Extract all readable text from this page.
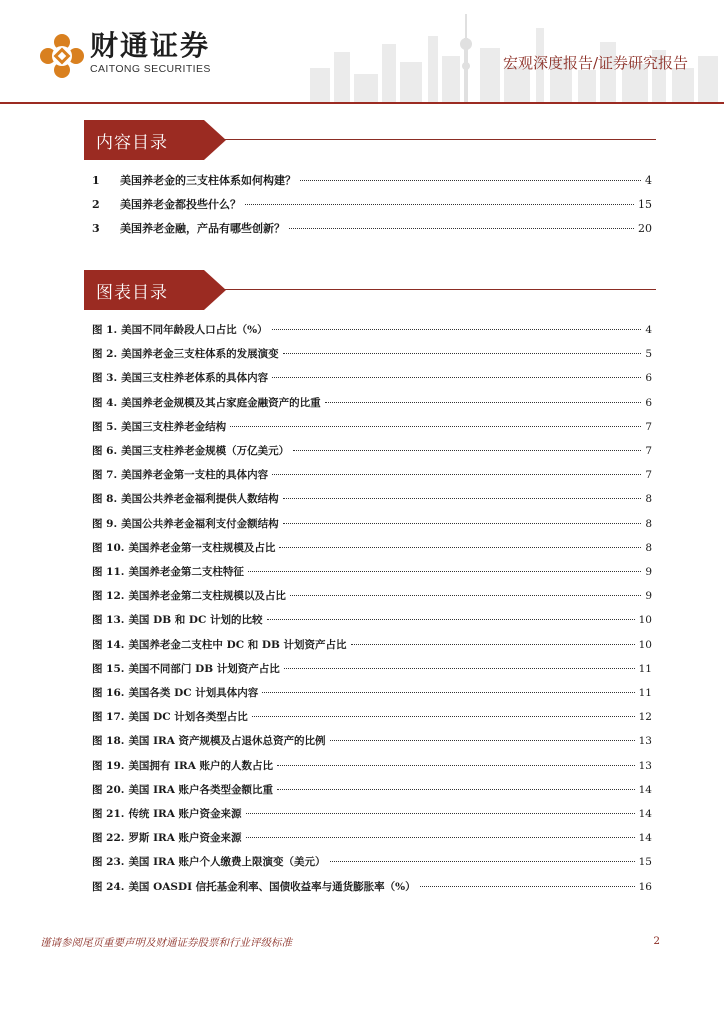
财通证券
CAITONG SECURITIES	宏观深度报告/证券研究报告
内容目录
1	美国养老金的三支柱体系如何构建？	4
2	美国养老金都投些什么？	15
3	美国养老金融，产品有哪些创新？	20
图表目录
图 1. 美国不同年龄段人口占比（%）	4
图 2. 美国养老金三支柱体系的发展演变	5
图 3. 美国三支柱养老体系的具体内容	6
图 4. 美国养老金规模及其占家庭金融资产的比重	6
图 5. 美国三支柱养老金结构	7
图 6. 美国三支柱养老金规模（万亿美元）	7
图 7. 美国养老金第一支柱的具体内容	7
图 8. 美国公共养老金福利提供人数结构	8
图 9. 美国公共养老金福利支付金额结构	8
图 10. 美国养老金第一支柱规模及占比	8
图 11. 美国养老金第二支柱特征	9
图 12. 美国养老金第二支柱规模以及占比	9
图 13. 美国 DB 和 DC 计划的比较	10
图 14. 美国养老金二支柱中 DC 和 DB 计划资产占比	10
图 15. 美国不同部门 DB 计划资产占比	11
图 16. 美国各类 DC 计划具体内容	11
图 17. 美国 DC 计划各类型占比	12
图 18. 美国 IRA 资产规模及占退休总资产的比例	13
图 19. 美国拥有 IRA 账户的人数占比	13
图 20. 美国 IRA 账户各类型金额比重	14
图 21. 传统 IRA 账户资金来源	14
图 22. 罗斯 IRA 账户资金来源	14
图 23. 美国 IRA 账户个人缴费上限演变（美元）	15
图 24. 美国 OASDI 信托基金利率、国债收益率与通货膨胀率（%）	16
谨请参阅尾页重要声明及财通证券股票和行业评级标准	2
